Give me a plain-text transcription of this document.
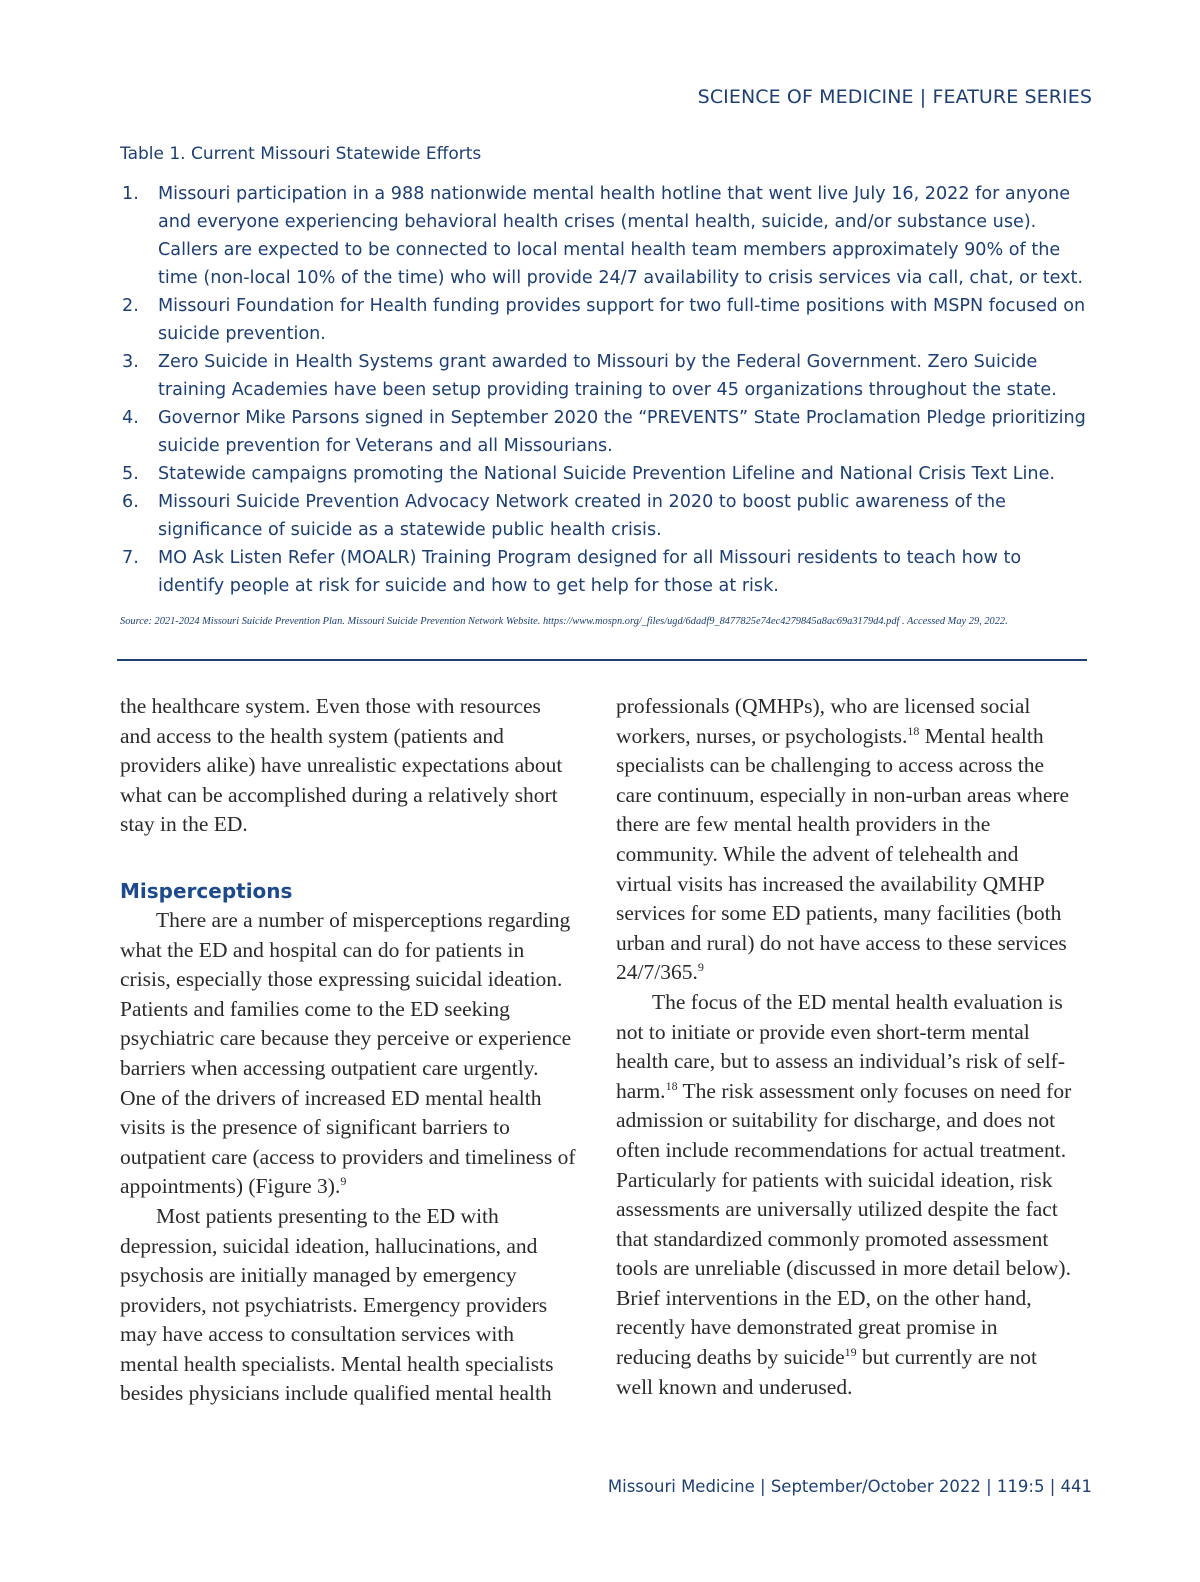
SCIENCE OF MEDICINE | FEATURE SERIES
Table 1. Current Missouri Statewide Efforts
1.	Missouri participation in a 988 nationwide mental health hotline that went live July 16, 2022 for anyone and everyone experiencing behavioral health crises (mental health, suicide, and/or substance use). Callers are expected to be connected to local mental health team members approximately 90% of the time (non-local 10% of the time) who will provide 24/7 availability to crisis services via call, chat, or text.
2.	Missouri Foundation for Health funding provides support for two full-time positions with MSPN focused on suicide prevention.
3.	Zero Suicide in Health Systems grant awarded to Missouri by the Federal Government. Zero Suicide training Academies have been setup providing training to over 45 organizations throughout the state.
4.	Governor Mike Parsons signed in September 2020 the “PREVENTS” State Proclamation Pledge prioritizing suicide prevention for Veterans and all Missourians.
5.	Statewide campaigns promoting the National Suicide Prevention Lifeline and National Crisis Text Line.
6.	Missouri Suicide Prevention Advocacy Network created in 2020 to boost public awareness of the significance of suicide as a statewide public health crisis.
7.	MO Ask Listen Refer (MOALR) Training Program designed for all Missouri residents to teach how to identify people at risk for suicide and how to get help for those at risk.
Source: 2021-2024 Missouri Suicide Prevention Plan. Missouri Suicide Prevention Network Website. https://www.mospn.org/_files/ugd/6dadf9_8477825e74ec4279845a8ac69a3179d4.pdf . Accessed May 29, 2022.

the healthcare system. Even those with resources and access to the health system (patients and providers alike) have unrealistic expectations about what can be accomplished during a relatively short stay in the ED.

Misperceptions

There are a number of misperceptions regarding what the ED and hospital can do for patients in crisis, especially those expressing suicidal ideation. Patients and families come to the ED seeking psychiatric care because they perceive or experience barriers when accessing outpatient care urgently. One of the drivers of increased ED mental health visits is the presence of significant barriers to outpatient care (access to providers and timeliness of appointments) (Figure 3).$^9$

Most patients presenting to the ED with depression, suicidal ideation, hallucinations, and psychosis are initially managed by emergency providers, not psychiatrists. Emergency providers may have access to consultation services with mental health specialists. Mental health specialists besides physicians include qualified mental health

professionals (QMHPs), who are licensed social workers, nurses, or psychologists.$^{18}$ Mental health specialists can be challenging to access across the care continuum, especially in non-urban areas where there are few mental health providers in the community. While the advent of telehealth and virtual visits has increased the availability QMHP services for some ED patients, many facilities (both urban and rural) do not have access to these services 24/7/365.$^9$

The focus of the ED mental health evaluation is not to initiate or provide even short-term mental health care, but to assess an individual’s risk of self-harm.$^{18}$ The risk assessment only focuses on need for admission or suitability for discharge, and does not often include recommendations for actual treatment. Particularly for patients with suicidal ideation, risk assessments are universally utilized despite the fact that standardized commonly promoted assessment tools are unreliable (discussed in more detail below). Brief interventions in the ED, on the other hand, recently have demonstrated great promise in reducing deaths by suicide$^{19}$ but currently are not well known and underused.

Missouri Medicine | September/October 2022 | 119:5 | 441
